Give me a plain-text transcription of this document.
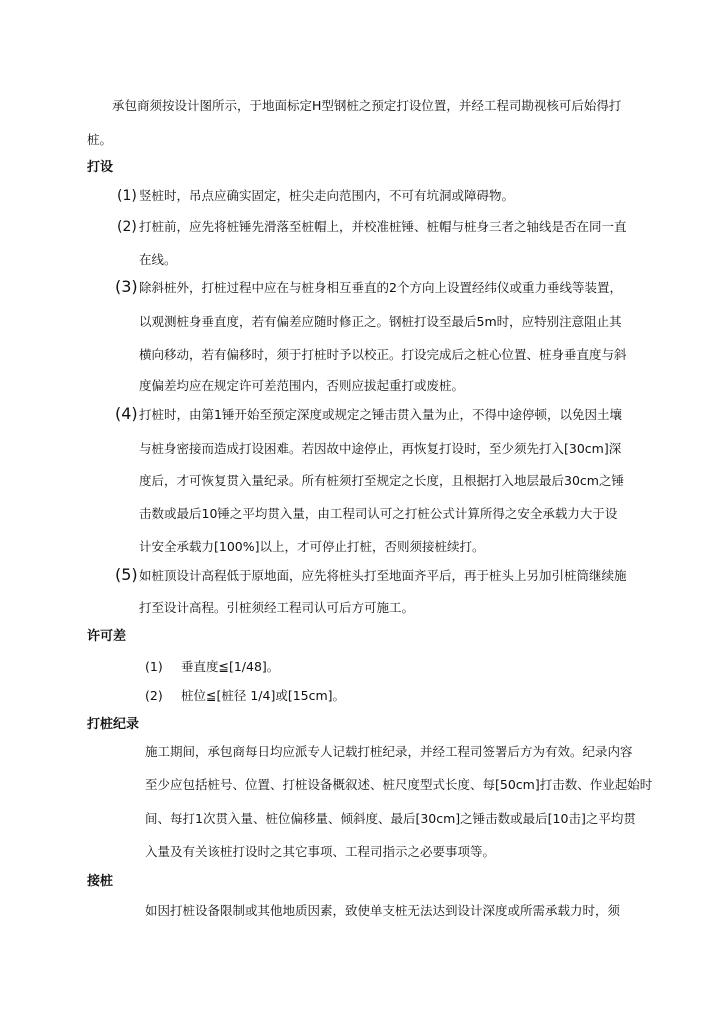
承包商须按设计图所示，于地面标定H型钢桩之预定打设位置，并经工程司勘视核可后始得打
桩。
打设
(1) 竖桩时，吊点应确实固定，桩尖走向范围内，不可有坑洞或障碍物。
(2) 打桩前，应先将桩锤先滑落至桩帽上，并校准桩锤、桩帽与桩身三者之轴线是否在同一直
在线。
(3) 除斜桩外，打桩过程中应在与桩身相互垂直的2个方向上设置经纬仪或重力垂线等装置，
以观测桩身垂直度，若有偏差应随时修正之。钢桩打设至最后5m时，应特别注意阻止其
横向移动，若有偏移时，须于打桩时予以校正。打设完成后之桩心位置、桩身垂直度与斜
度偏差均应在规定许可差范围内，否则应拔起重打或废桩。
(4) 打桩时，由第1锤开始至预定深度或规定之锤击贯入量为止，不得中途停顿，以免因土壤
与桩身密接而造成打设困难。若因故中途停止，再恢复打设时，至少须先打入[30cm]深
度后，才可恢复贯入量纪录。所有桩须打至规定之长度，且根据打入地层最后30cm之锤
击数或最后10锤之平均贯入量，由工程司认可之打桩公式计算所得之安全承载力大于设
计安全承载力[100%]以上，才可停止打桩，否则须接桩续打。
(5) 如桩顶设计高程低于原地面，应先将桩头打至地面齐平后，再于桩头上另加引桩筒继续施
打至设计高程。引桩须经工程司认可后方可施工。
许可差
(1) 垂直度≦[1/48]。
(2) 桩位≦[桩径 1/4]或[15cm]。
打桩纪录
施工期间，承包商每日均应派专人记载打桩纪录，并经工程司签署后方为有效。纪录内容
至少应包括桩号、位置、打桩设备概叙述、桩尺度型式长度、每[50cm]打击数、作业起始时
间、每打1次贯入量、桩位偏移量、倾斜度、最后[30cm]之锤击数或最后[10击]之平均贯
入量及有关该桩打设时之其它事项、工程司指示之必要事项等。
接桩
如因打桩设备限制或其他地质因素，致使单支桩无法达到设计深度或所需承载力时，须
